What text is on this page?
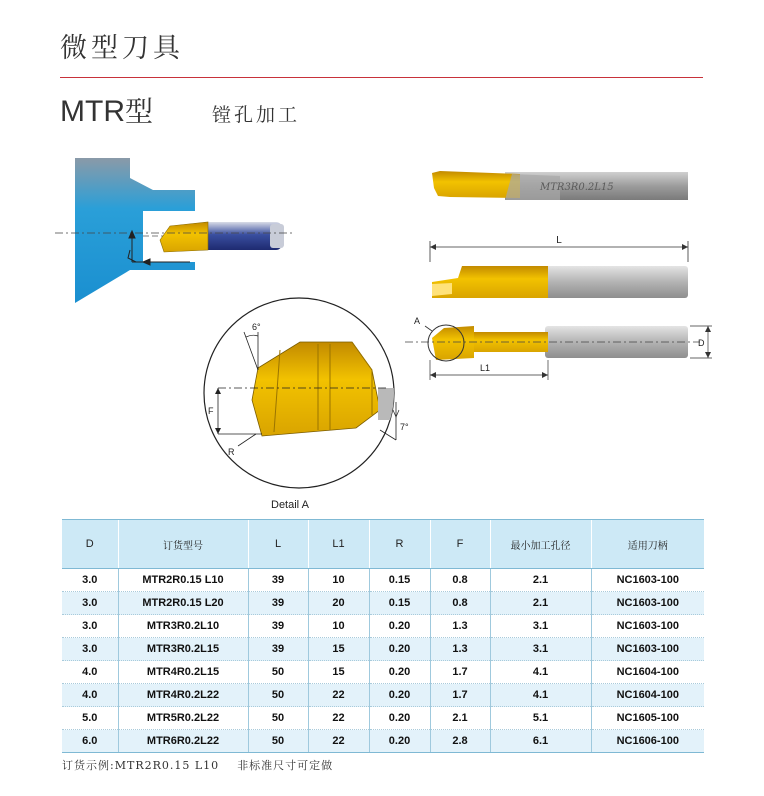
微型刀具
MTR型	镗孔加工
MTR3R0.2L15
L
A
D
L1
F
6°
7°
R
Detail A
D	订货型号	L	L1	R	F	最小加工孔径	适用刀柄
3.0	MTR2R0.15 L10	39	10	0.15	0.8	2.1	NC1603-100
3.0	MTR2R0.15 L20	39	20	0.15	0.8	2.1	NC1603-100
3.0	MTR3R0.2L10	39	10	0.20	1.3	3.1	NC1603-100
3.0	MTR3R0.2L15	39	15	0.20	1.3	3.1	NC1603-100
4.0	MTR4R0.2L15	50	15	0.20	1.7	4.1	NC1604-100
4.0	MTR4R0.2L22	50	22	0.20	1.7	4.1	NC1604-100
5.0	MTR5R0.2L22	50	22	0.20	2.1	5.1	NC1605-100
6.0	MTR6R0.2L22	50	22	0.20	2.8	6.1	NC1606-100
订货示例:MTR2R0.15 L10 非标准尺寸可定做
